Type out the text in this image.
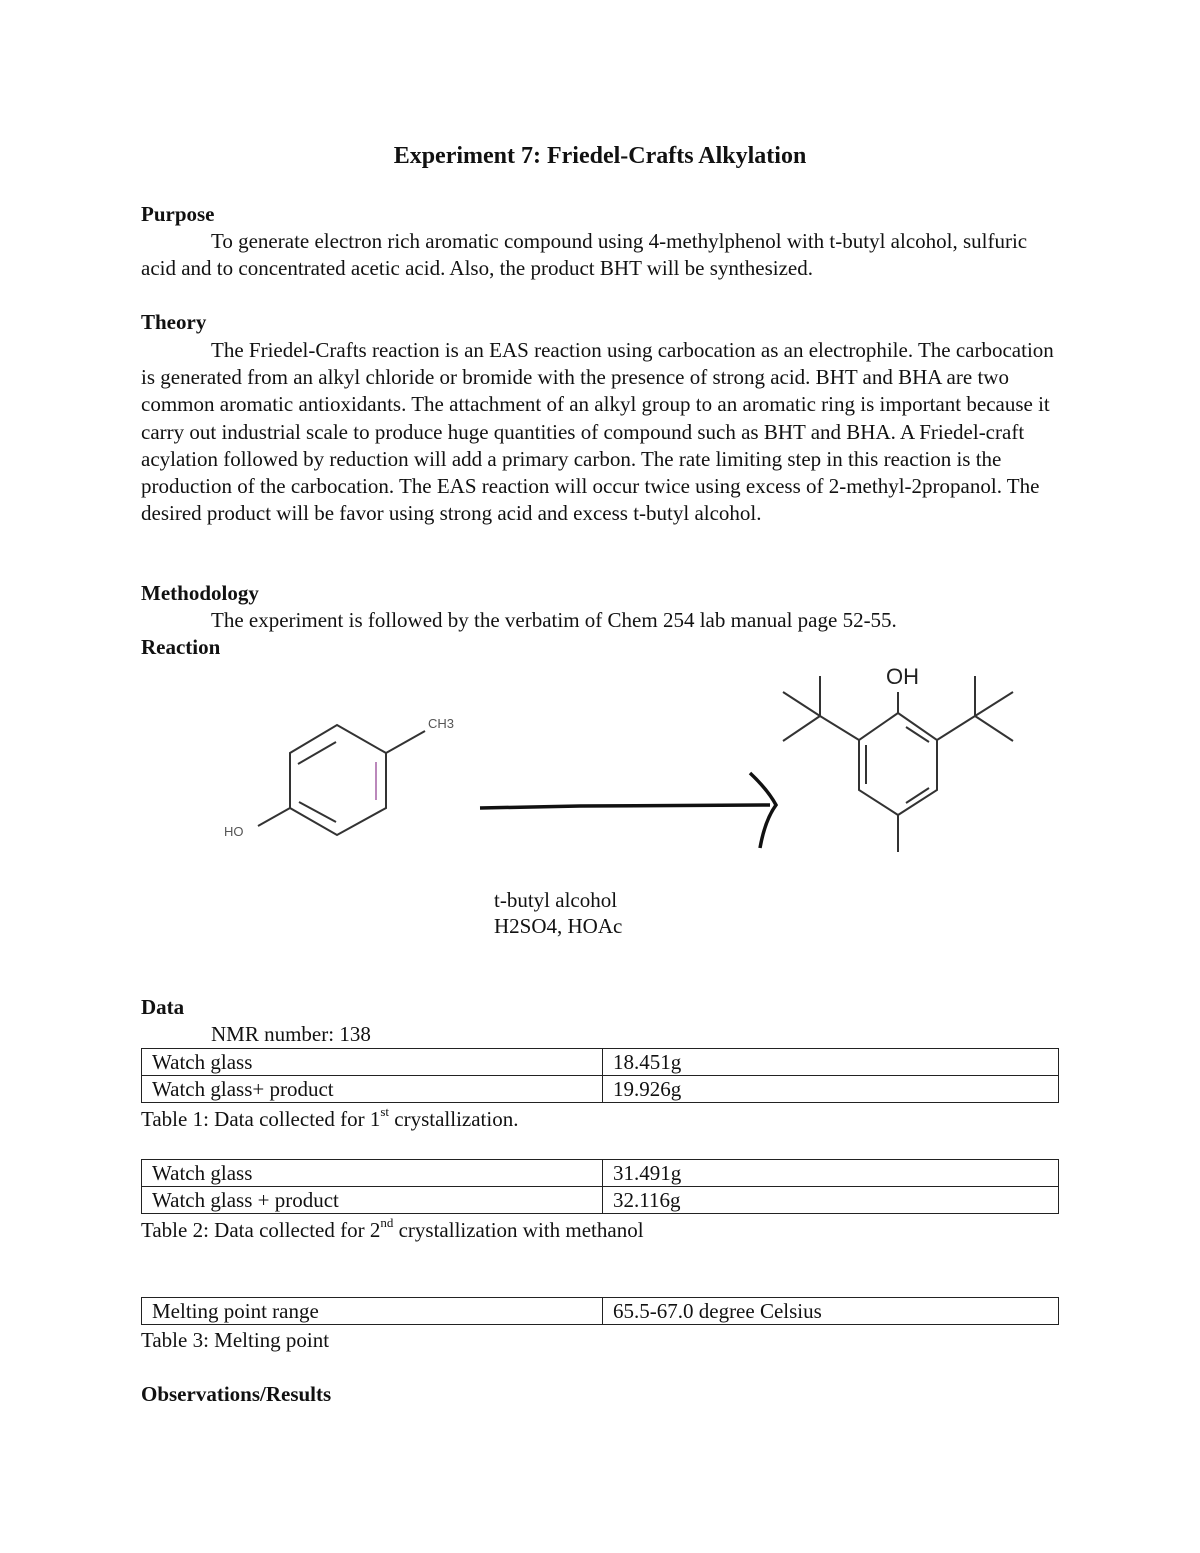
Experiment 7: Friedel-Crafts Alkylation
Purpose
To generate electron rich aromatic compound using 4-methylphenol with t-butyl alcohol, sulfuric acid and to concentrated acetic acid. Also, the product BHT will be synthesized.
Theory
The Friedel-Crafts reaction is an EAS reaction using carbocation as an electrophile. The carbocation is generated from an alkyl chloride or bromide with the presence of strong acid. BHT and BHA are two common aromatic antioxidants. The attachment of an alkyl group to an aromatic ring is important because it carry out industrial scale to produce huge quantities of compound such as BHT and BHA. A Friedel-craft acylation followed by reduction will add a primary carbon. The rate limiting step in this reaction is the production of the carbocation. The EAS reaction will occur twice using excess of 2-methyl-2propanol. The desired product will be favor using strong acid and excess t-butyl alcohol.
Methodology
The experiment is followed by the verbatim of Chem 254 lab manual page 52-55.
Reaction
CH3
HO
OH
t-butyl alcohol
H2SO4, HOAc
Data
NMR number: 138
Watch glass	18.451g
Watch glass+ product	19.926g
Table 1: Data collected for 1st crystallization.
Watch glass	31.491g
Watch glass + product	32.116g
Table 2: Data collected for 2nd crystallization with methanol
Melting point range	65.5-67.0 degree Celsius
Table 3: Melting point
Observations/Results
